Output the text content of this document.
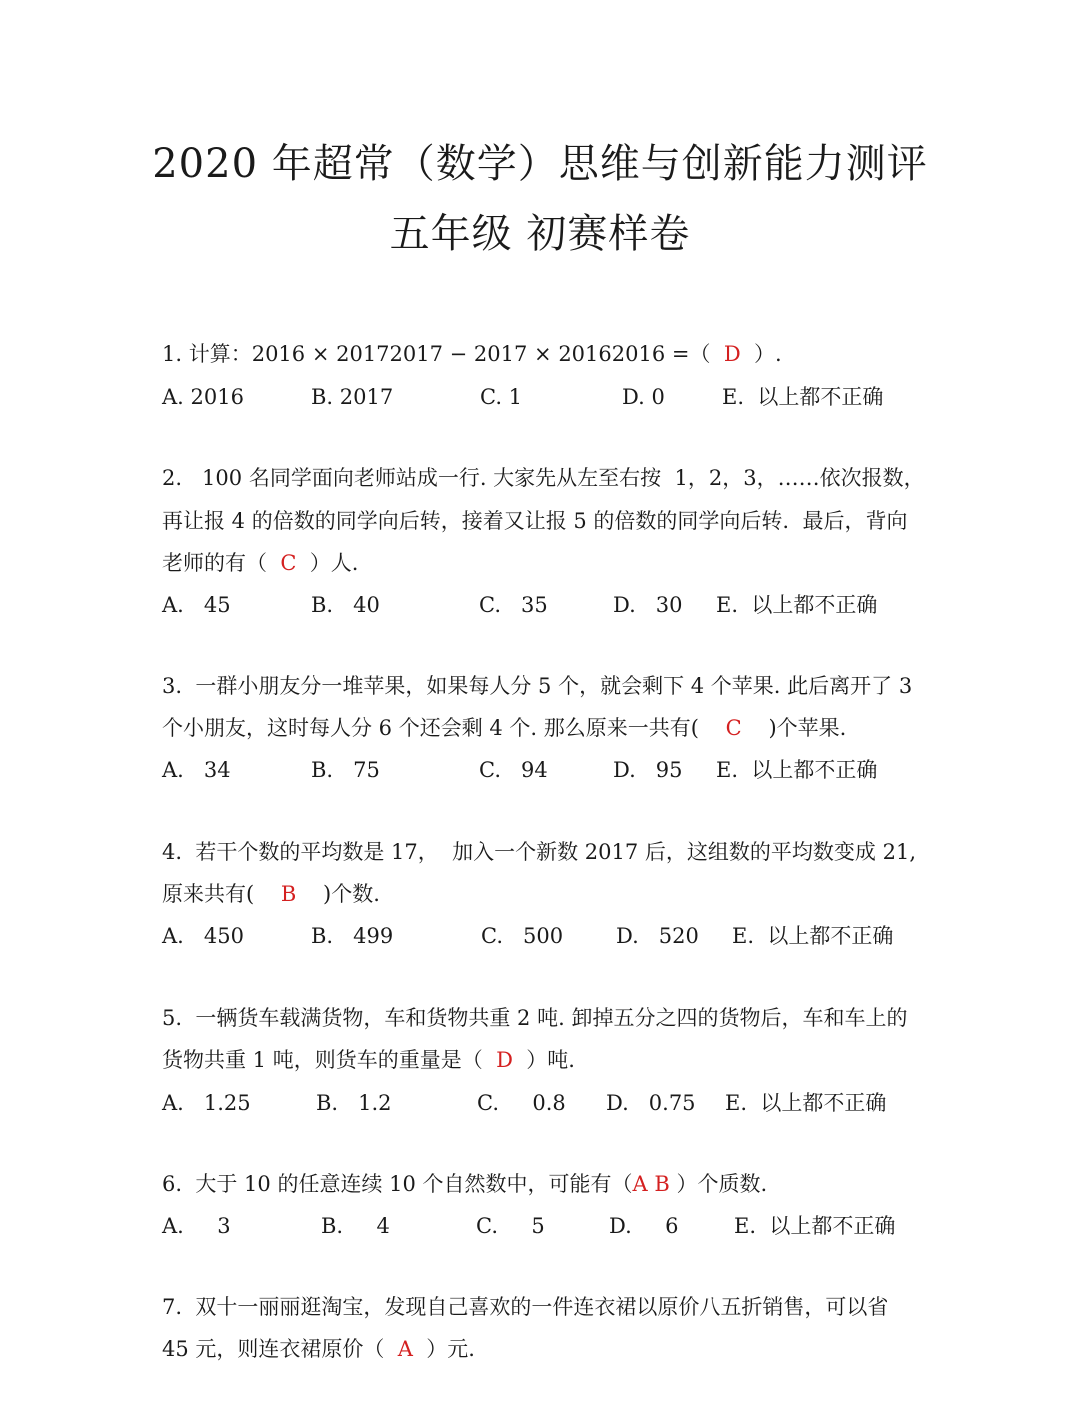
2020 年超常（数学）思维与创新能力测评
五年级 初赛样卷
1. 计算：2016 × 20172017 − 2017 × 20162016 =（  D  ）.
A. 2016	B. 2017	C. 1	D. 0	E.  以上都不正确
2.   100 名同学面向老师站成一行. 大家先从左至右按  1，2，3，……依次报数，
再让报 4 的倍数的同学向后转，接着又让报 5 的倍数的同学向后转.  最后，背向
老师的有（  C  ）人.
A.   45	B.   40	C.   35	D.   30 E.  以上都不正确
3.  一群小朋友分一堆苹果，如果每人分 5 个，就会剩下 4 个苹果. 此后离开了 3
个小朋友，这时每人分 6 个还会剩 4 个. 那么原来一共有(    C    )个苹果.
A.   34	B.   75	C.   94	D.   95 E.  以上都不正确
4.  若干个数的平均数是 17，  加入一个新数 2017 后，这组数的平均数变成 21,
原来共有(    B    )个数.
A.   450	B.   499	C.   500	D.   520 E.  以上都不正确
5.  一辆货车载满货物，车和货物共重 2 吨. 卸掉五分之四的货物后，车和车上的
货物共重 1 吨，则货车的重量是（  D  ）吨.
A.   1.25	B.   1.2	C.     0.8 D.   0.75 E.  以上都不正确
6.  大于 10 的任意连续 10 个自然数中，可能有（A B ）个质数.
A.     3	B.     4	C.     5	D.     6	E.  以上都不正确
7.  双十一丽丽逛淘宝，发现自己喜欢的一件连衣裙以原价八五折销售，可以省
45 元，则连衣裙原价（  A  ）元.
